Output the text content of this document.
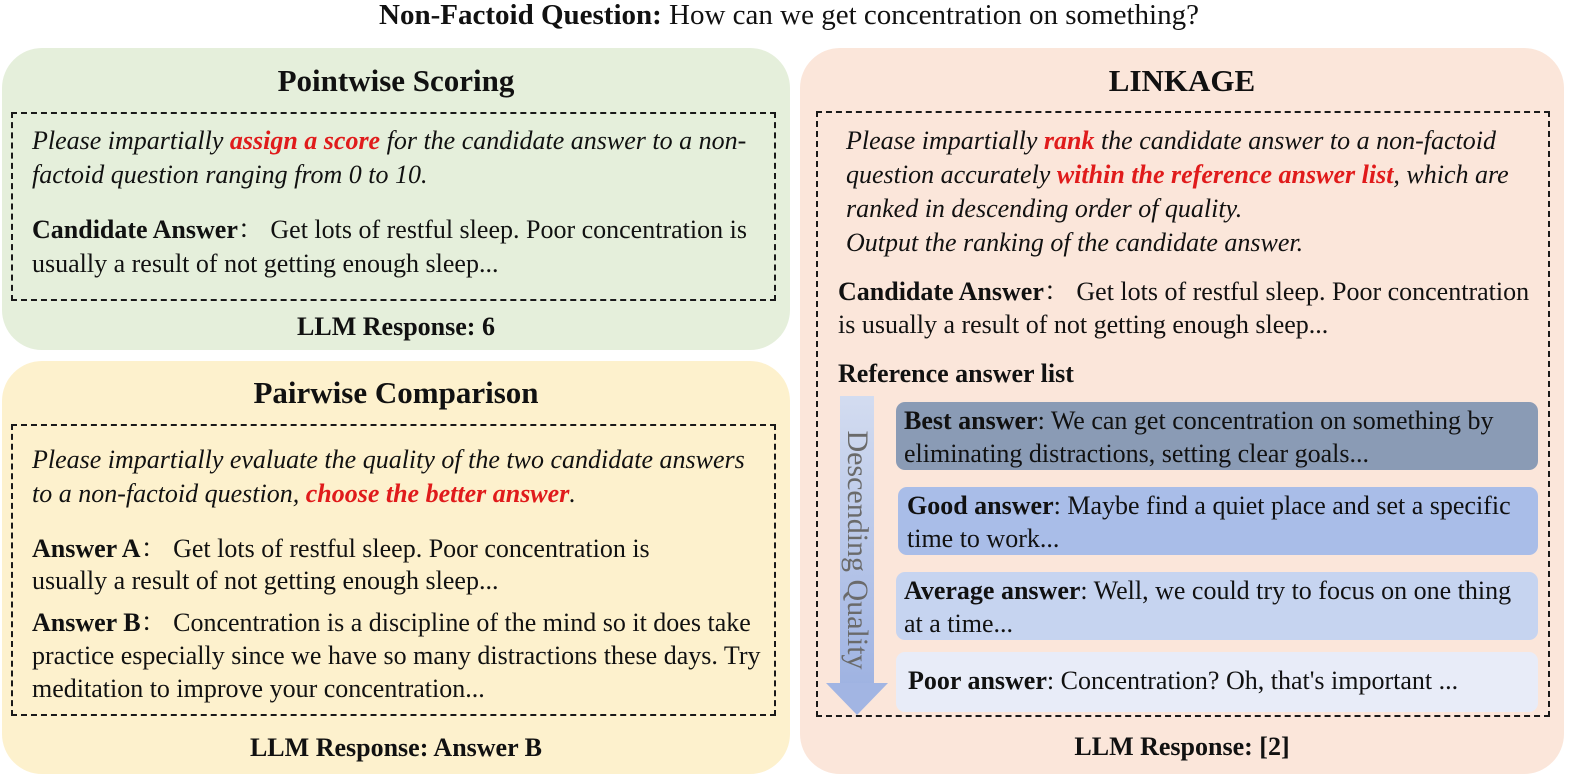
Non-Factoid Question: How can we get concentration on something?
Pointwise Scoring
Please impartially assign a score for the candidate answer to a non-factoid question ranging from 0 to 10.
Candidate Answer： Get lots of restful sleep. Poor concentration is usually a result of not getting enough sleep...
LLM Response: 6
Pairwise Comparison
Please impartially evaluate the quality of the two candidate answers to a non-factoid question, choose the better answer.
Answer A： Get lots of restful sleep. Poor concentration is usually a result of not getting enough sleep...
Answer B： Concentration is a discipline of the mind so it does take practice especially since we have so many distractions these days. Try meditation to improve your concentration...
LLM Response: Answer B
LINKAGE
Please impartially rank the candidate answer to a non-factoid question accurately within the reference answer list, which are ranked in descending order of quality.
Output the ranking of the candidate answer.
Candidate Answer： Get lots of restful sleep. Poor concentration is usually a result of not getting enough sleep...
Reference answer list
LLM Response: [2]
Descending Quality
Best answer: We can get concentration on something by eliminating distractions, setting clear goals...
Good answer: Maybe find a quiet place and set a specific time to work...
Average answer: Well, we could try to focus on one thing at a time...
Poor answer: Concentration? Oh, that's important ...
